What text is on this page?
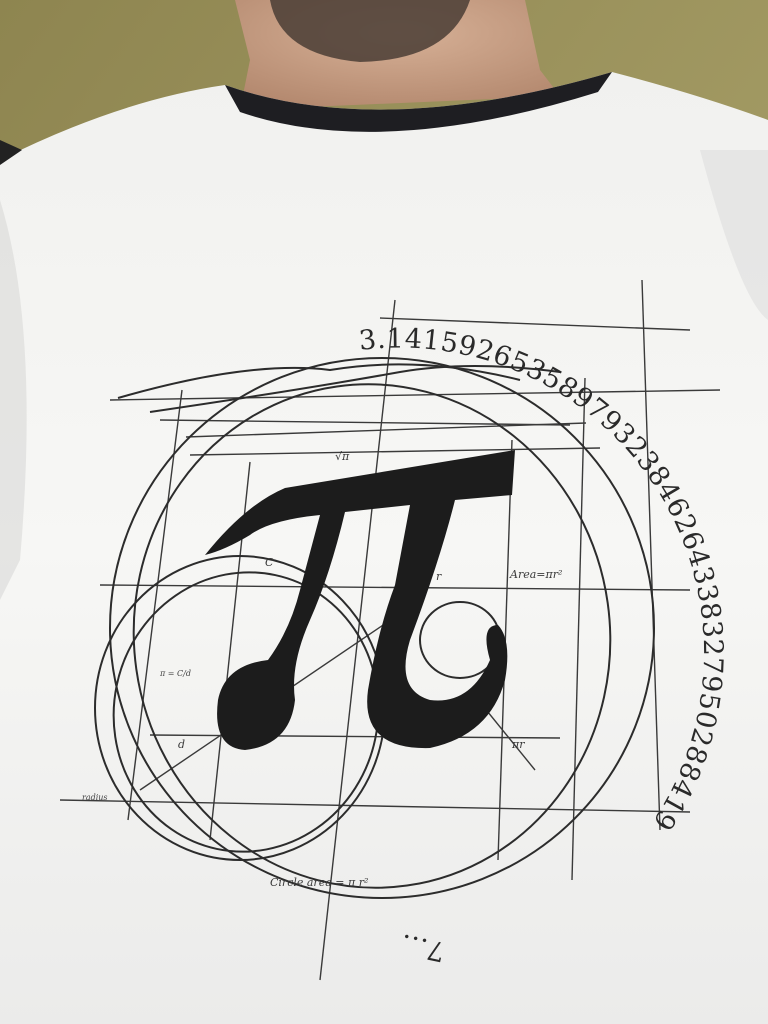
3.14159265358979323846264338327950288419
7...
√π
C
r	Area=πr²
π = C/d
d	πr
radius
Circle area = π r²
